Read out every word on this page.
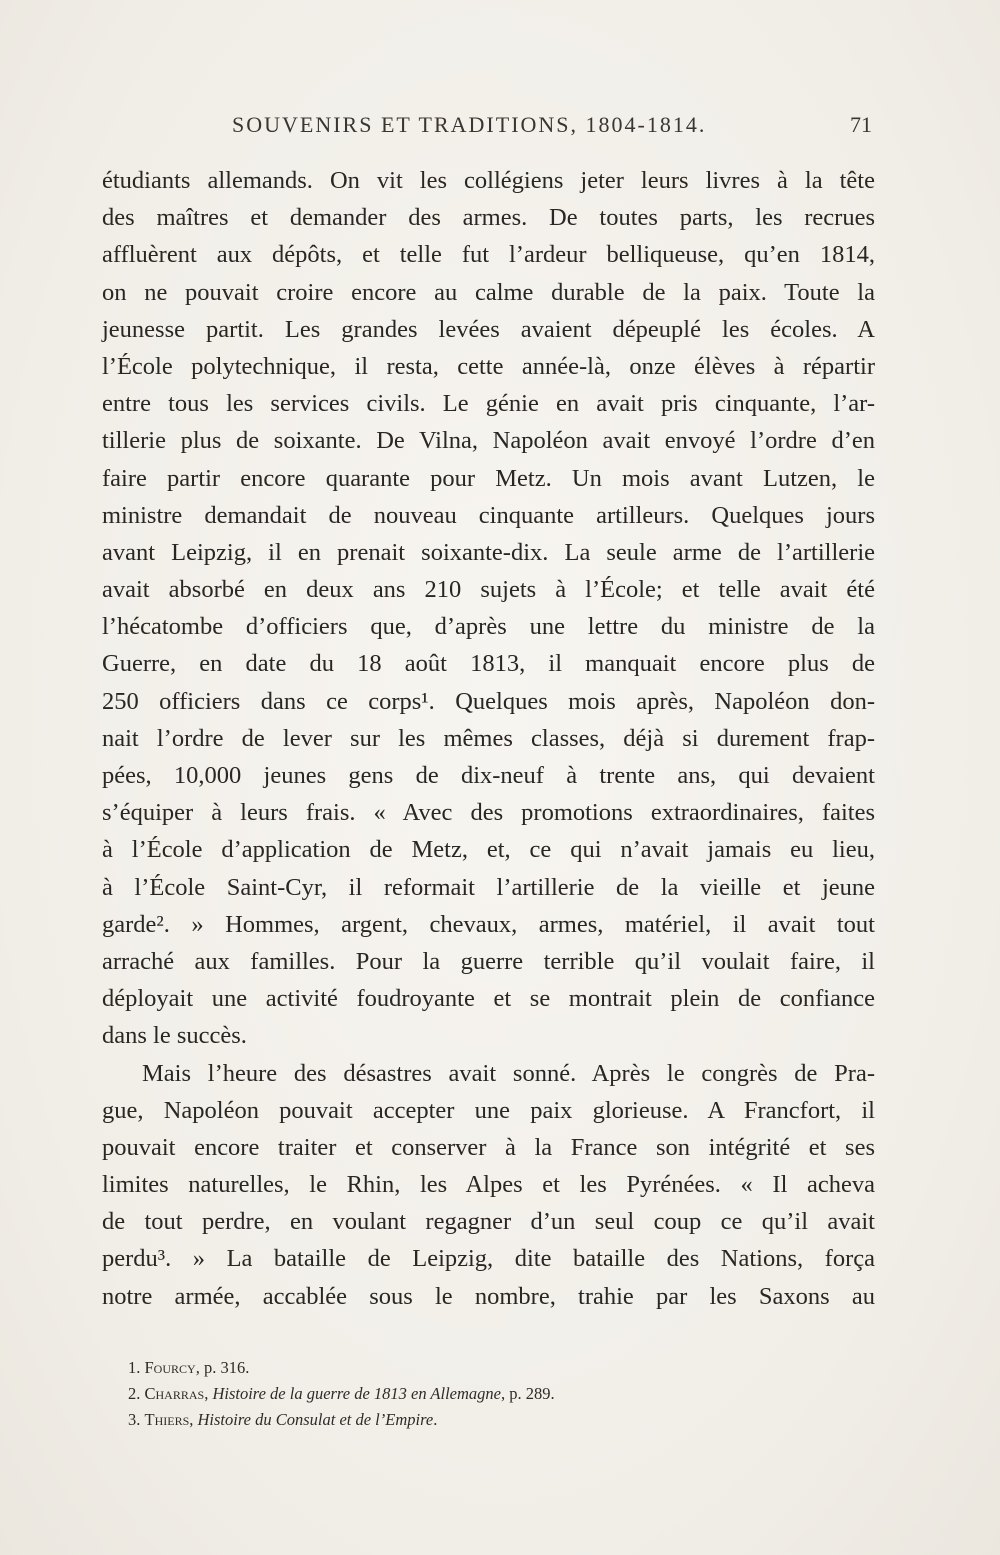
SOUVENIRS ET TRADITIONS, 1804-1814.	71
étudiants allemands. On vit les collégiens jeter leurs livres à la tête
des maîtres et demander des armes. De toutes parts, les recrues
affluèrent aux dépôts, et telle fut l’ardeur belliqueuse, qu’en 1814,
on ne pouvait croire encore au calme durable de la paix. Toute la
jeunesse partit. Les grandes levées avaient dépeuplé les écoles. A
l’École polytechnique, il resta, cette année-là, onze élèves à répartir
entre tous les services civils. Le génie en avait pris cinquante, l’ar-
tillerie plus de soixante. De Vilna, Napoléon avait envoyé l’ordre d’en
faire partir encore quarante pour Metz. Un mois avant Lutzen, le
ministre demandait de nouveau cinquante artilleurs. Quelques jours
avant Leipzig, il en prenait soixante-dix. La seule arme de l’artillerie
avait absorbé en deux ans 210 sujets à l’École; et telle avait été
l’hécatombe d’officiers que, d’après une lettre du ministre de la
Guerre, en date du 18 août 1813, il manquait encore plus de
250 officiers dans ce corps¹. Quelques mois après, Napoléon don-
nait l’ordre de lever sur les mêmes classes, déjà si durement frap-
pées, 10,000 jeunes gens de dix-neuf à trente ans, qui devaient
s’équiper à leurs frais. « Avec des promotions extraordinaires, faites
à l’École d’application de Metz, et, ce qui n’avait jamais eu lieu,
à l’École Saint-Cyr, il reformait l’artillerie de la vieille et jeune
garde². » Hommes, argent, chevaux, armes, matériel, il avait tout
arraché aux familles. Pour la guerre terrible qu’il voulait faire, il
déployait une activité foudroyante et se montrait plein de confiance
dans le succès.
Mais l’heure des désastres avait sonné. Après le congrès de Pra-
gue, Napoléon pouvait accepter une paix glorieuse. A Francfort, il
pouvait encore traiter et conserver à la France son intégrité et ses
limites naturelles, le Rhin, les Alpes et les Pyrénées. « Il acheva
de tout perdre, en voulant regagner d’un seul coup ce qu’il avait
perdu³. » La bataille de Leipzig, dite bataille des Nations, força
notre armée, accablée sous le nombre, trahie par les Saxons au
1. Fourcy, p. 316.
2. Charras, Histoire de la guerre de 1813 en Allemagne, p. 289.
3. Thiers, Histoire du Consulat et de l’Empire.
